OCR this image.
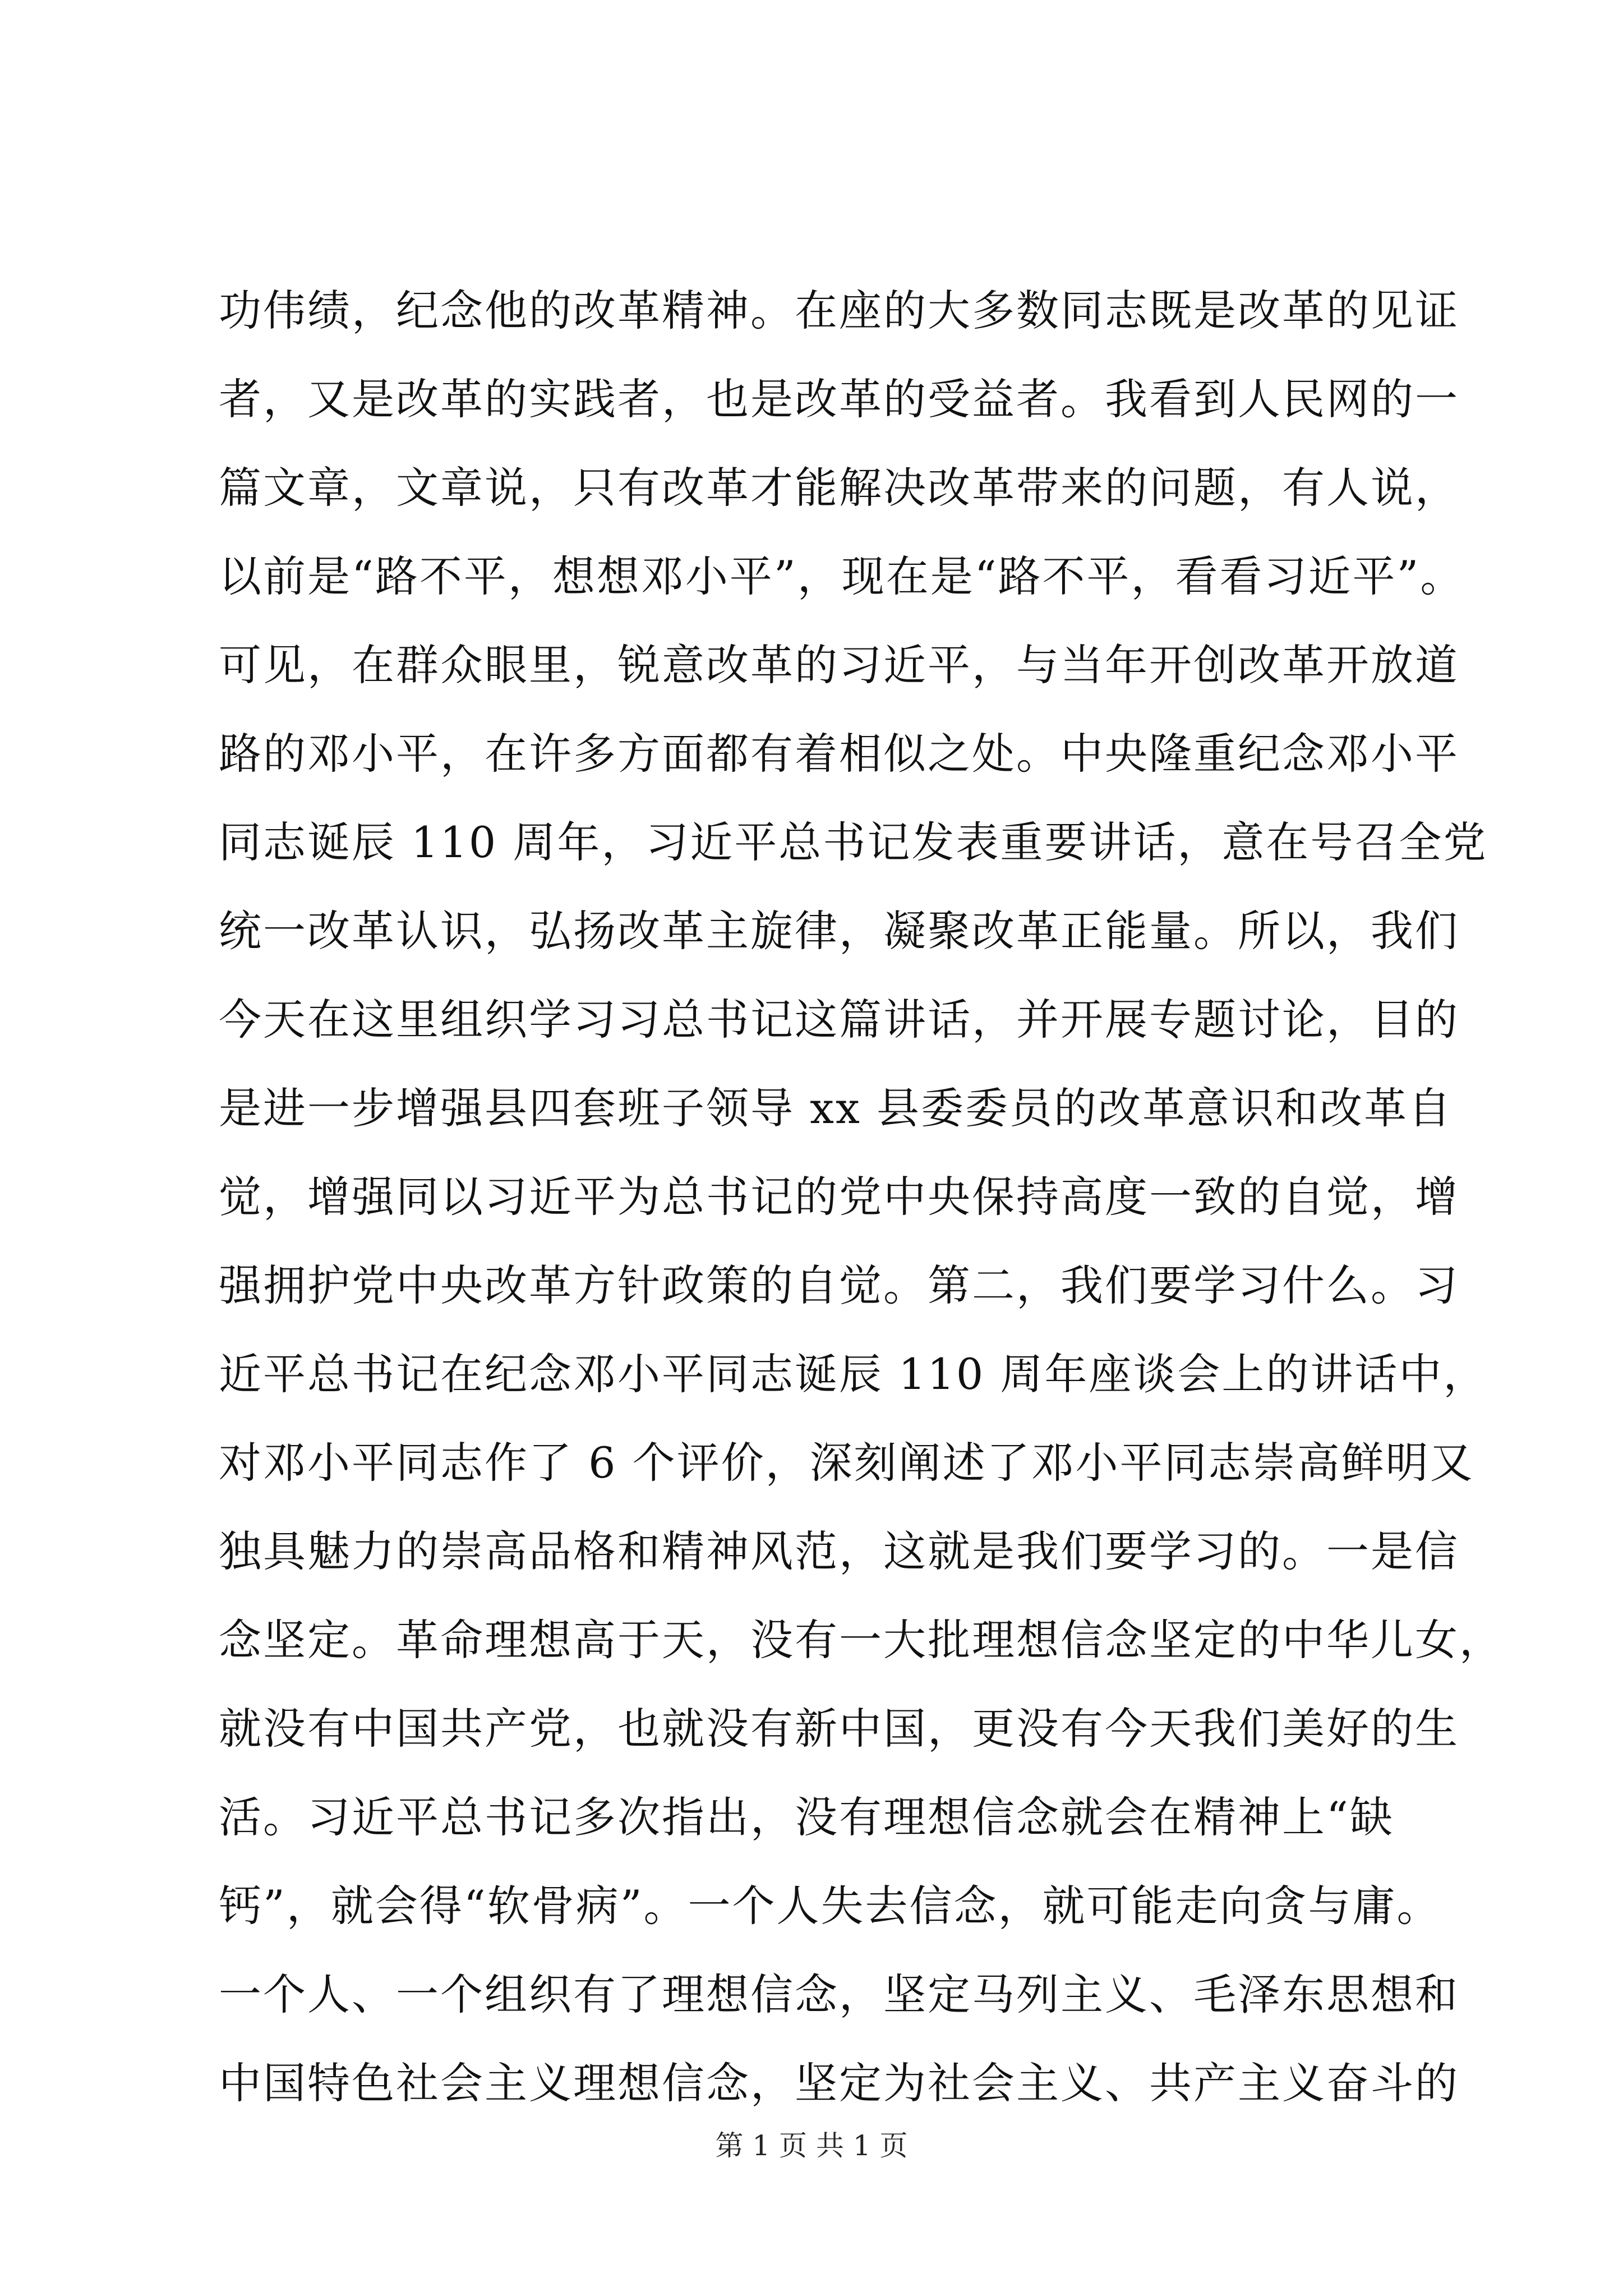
功伟绩，纪念他的改革精神。在座的大多数同志既是改革的见证
者，又是改革的实践者，也是改革的受益者。我看到人民网的一
篇文章，文章说，只有改革才能解决改革带来的问题，有人说，
以前是“路不平，想想邓小平”，现在是“路不平，看看习近平”。
可见，在群众眼里，锐意改革的习近平，与当年开创改革开放道
路的邓小平，在许多方面都有着相似之处。中央隆重纪念邓小平
同志诞辰 110 周年，习近平总书记发表重要讲话，意在号召全党
统一改革认识，弘扬改革主旋律，凝聚改革正能量。所以，我们
今天在这里组织学习习总书记这篇讲话，并开展专题讨论，目的
是进一步增强县四套班子领导 xx 县委委员的改革意识和改革自
觉，增强同以习近平为总书记的党中央保持高度一致的自觉，增
强拥护党中央改革方针政策的自觉。第二，我们要学习什么。习
近平总书记在纪念邓小平同志诞辰 110 周年座谈会上的讲话中，
对邓小平同志作了 6 个评价，深刻阐述了邓小平同志崇高鲜明又
独具魅力的崇高品格和精神风范，这就是我们要学习的。一是信
念坚定。革命理想高于天，没有一大批理想信念坚定的中华儿女，
就没有中国共产党，也就没有新中国，更没有今天我们美好的生
活。习近平总书记多次指出，没有理想信念就会在精神上“缺
钙”，就会得“软骨病”。一个人失去信念，就可能走向贪与庸。
一个人、一个组织有了理想信念，坚定马列主义、毛泽东思想和
中国特色社会主义理想信念，坚定为社会主义、共产主义奋斗的
第 1 页 共 1 页
